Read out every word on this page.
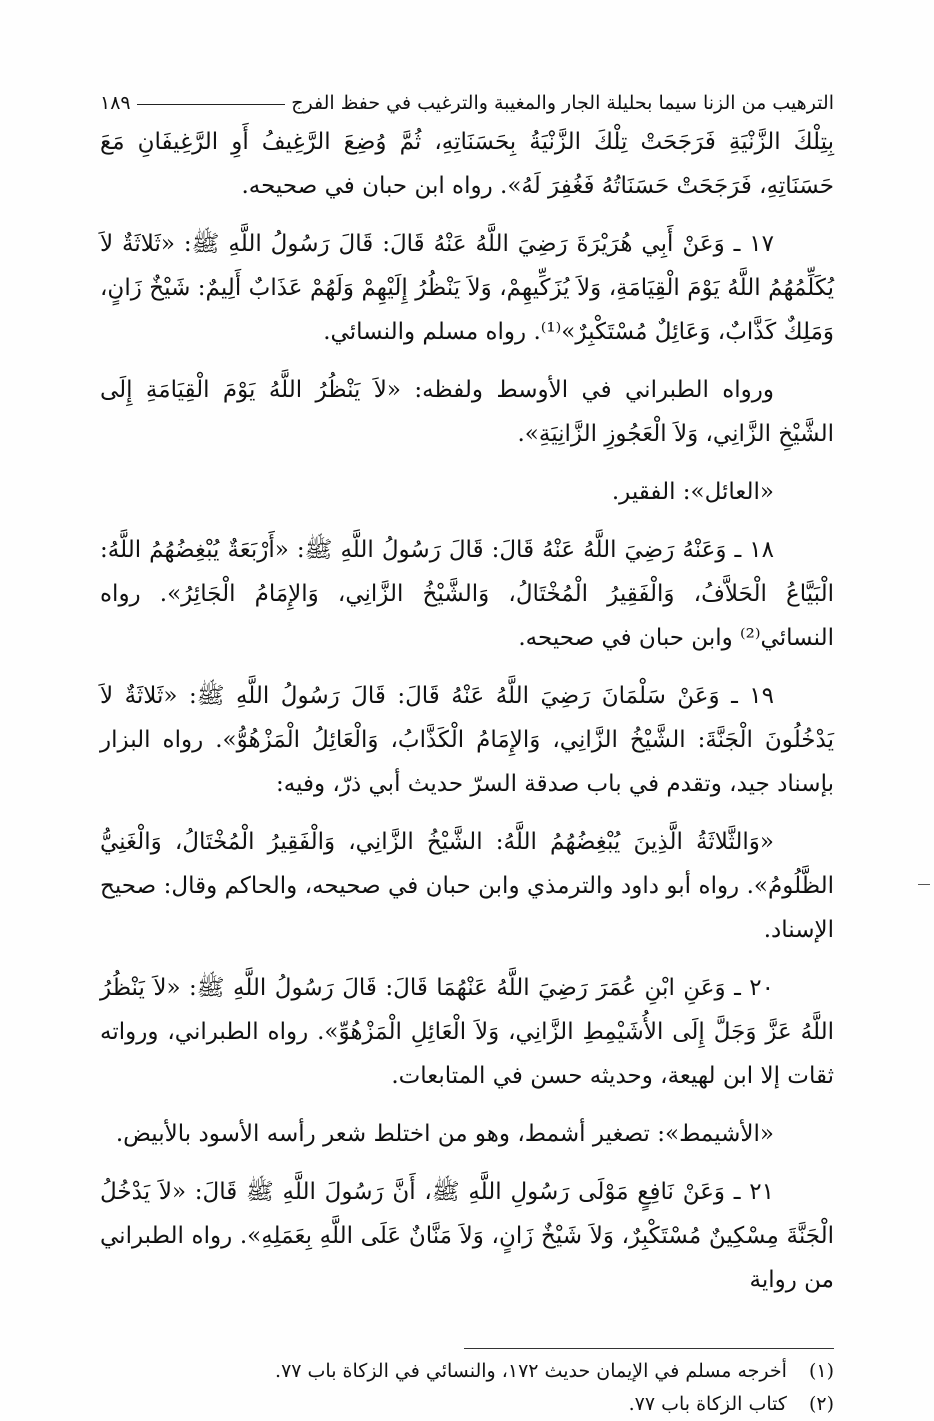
الترهيب من الزنا سيما بحليلة الجار والمغيبة والترغيب في حفظ الفرج
١٨٩

بِتِلْكَ الزَّنْيَةِ فَرَجَحَتْ تِلْكَ الزَّنْيَةُ بِحَسَنَاتِهِ، ثُمَّ وُضِعَ الرَّغِيفُ أَوِ الرَّغِيفَانِ مَعَ حَسَنَاتِهِ، فَرَجَحَتْ حَسَنَاتُهُ فَغُفِرَ لَهُ». رواه ابن حبان في صحيحه.

١٧ ـ وَعَنْ أَبِي هُرَيْرَةَ رَضِيَ اللَّهُ عَنْهُ قَالَ: قَالَ رَسُولُ اللَّهِ ﷺ: «ثَلاثَةٌ لاَ يُكَلِّمُهُمُ اللَّهُ يَوْمَ الْقِيَامَةِ، وَلاَ يُزَكِّيهِمْ، وَلاَ يَنْظُرُ إِلَيْهِمْ وَلَهُمْ عَذَابٌ أَلِيمٌ: شَيْخٌ زَانٍ، وَمَلِكٌ كَذَّابٌ، وَعَائِلٌ مُسْتَكْبِرٌ»⁽¹⁾. رواه مسلم والنسائي.

ورواه الطبراني في الأوسط ولفظه: «لاَ يَنْظُرُ اللَّهُ يَوْمَ الْقِيَامَةِ إِلَى الشَّيْخِ الزَّانِي، وَلاَ الْعَجُوزِ الزَّانِيَةِ».

«العائل»: الفقير.

١٨ ـ وَعَنْهُ رَضِيَ اللَّهُ عَنْهُ قَالَ: قَالَ رَسُولُ اللَّهِ ﷺ: «أَرْبَعَةٌ يُبْغِضُهُمُ اللَّهُ: الْبَيَّاعُ الْحَلاَّفُ، وَالْفَقِيرُ الْمُخْتَالُ، وَالشَّيْخُ الزَّانِي، وَالإِمَامُ الْجَائِرُ». رواه النسائي⁽²⁾ وابن حبان في صحيحه.

١٩ ـ وَعَنْ سَلْمَانَ رَضِيَ اللَّهُ عَنْهُ قَالَ: قَالَ رَسُولُ اللَّهِ ﷺ: «ثَلاثَةٌ لاَ يَدْخُلُونَ الْجَنَّةَ: الشَّيْخُ الزَّانِي، وَالإِمَامُ الْكَذَّابُ، وَالْعَائِلُ الْمَزْهُوُّ». رواه البزار بإسناد جيد، وتقدم في باب صدقة السرّ حديث أبي ذرّ، وفيه:

«وَالثَّلاثَةُ الَّذِينَ يُبْغِضُهُمُ اللَّهُ: الشَّيْخُ الزَّانِي، وَالْفَقِيرُ الْمُخْتَالُ، وَالْغَنِيُّ الظَّلُومُ». رواه أبو داود والترمذي وابن حبان في صحيحه، والحاكم وقال: صحيح الإسناد.

٢٠ ـ وَعَنِ ابْنِ عُمَرَ رَضِيَ اللَّهُ عَنْهُمَا قَالَ: قَالَ رَسُولُ اللَّهِ ﷺ: «لاَ يَنْظُرُ اللَّهُ عَزَّ وَجَلَّ إِلَى الأُشَيْمِطِ الزَّانِي، وَلاَ الْعَائِلِ الْمَزْهُوِّ». رواه الطبراني، ورواته ثقات إلا ابن لهيعة، وحديثه حسن في المتابعات.

«الأشيمط»: تصغير أشمط، وهو من اختلط شعر رأسه الأسود بالأبيض.

٢١ ـ وَعَنْ نَافِعٍ مَوْلَى رَسُولِ اللَّهِ ﷺ، أَنَّ رَسُولَ اللَّهِ ﷺ قَالَ: «لاَ يَدْخُلُ الْجَنَّةَ مِسْكِينٌ مُسْتَكْبِرٌ، وَلاَ شَيْخٌ زَانٍ، وَلاَ مَنَّانٌ عَلَى اللَّهِ بِعَمَلِهِ». رواه الطبراني من رواية

(١)
أخرجه مسلم في الإيمان حديث ١٧٢، والنسائي في الزكاة باب ٧٧.
(٢)
كتاب الزكاة باب ٧٧.
